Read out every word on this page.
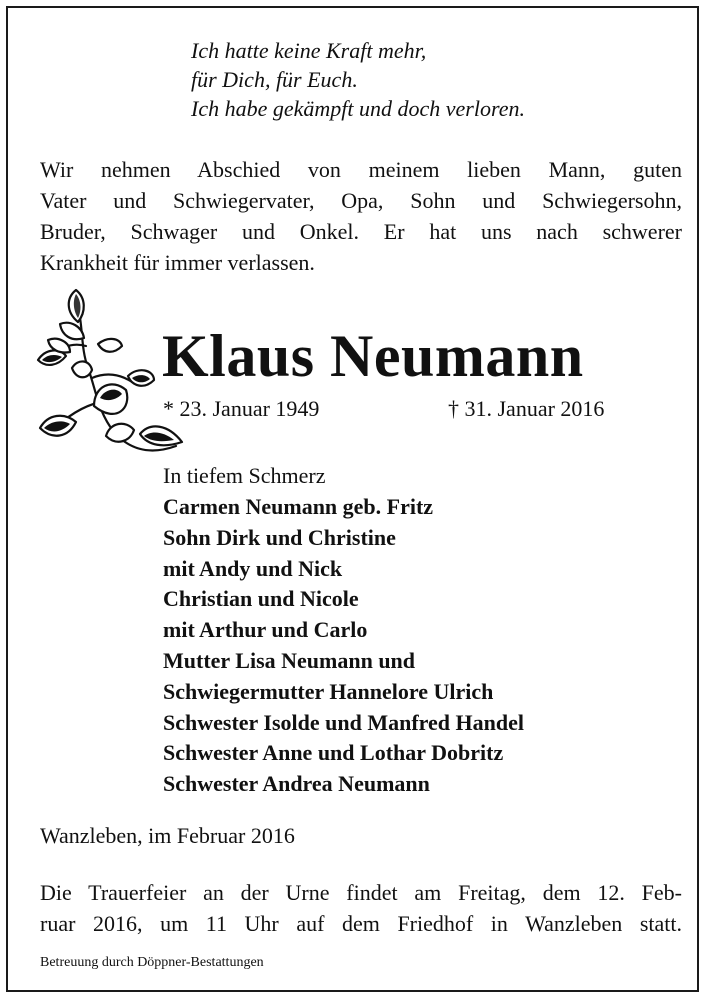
Ich hatte keine Kraft mehr,
für Dich, für Euch.
Ich habe gekämpft und doch verloren.
Wir nehmen Abschied von meinem lieben Mann, guten
Vater und Schwiegervater, Opa, Sohn und Schwiegersohn,
Bruder, Schwager und Onkel. Er hat uns nach schwerer
Krankheit für immer verlassen.
Klaus Neumann
* 23. Januar 1949	† 31. Januar 2016
In tiefem Schmerz
Carmen Neumann geb. Fritz
Sohn Dirk und Christine
mit Andy und Nick
Christian und Nicole
mit Arthur und Carlo
Mutter Lisa Neumann und
Schwiegermutter Hannelore Ulrich
Schwester Isolde und Manfred Handel
Schwester Anne und Lothar Dobritz
Schwester Andrea Neumann
Wanzleben, im Februar 2016
Die Trauerfeier an der Urne findet am Freitag, dem 12. Feb-
ruar 2016, um 11 Uhr auf dem Friedhof in Wanzleben statt.
Betreuung durch Döppner-Bestattungen
